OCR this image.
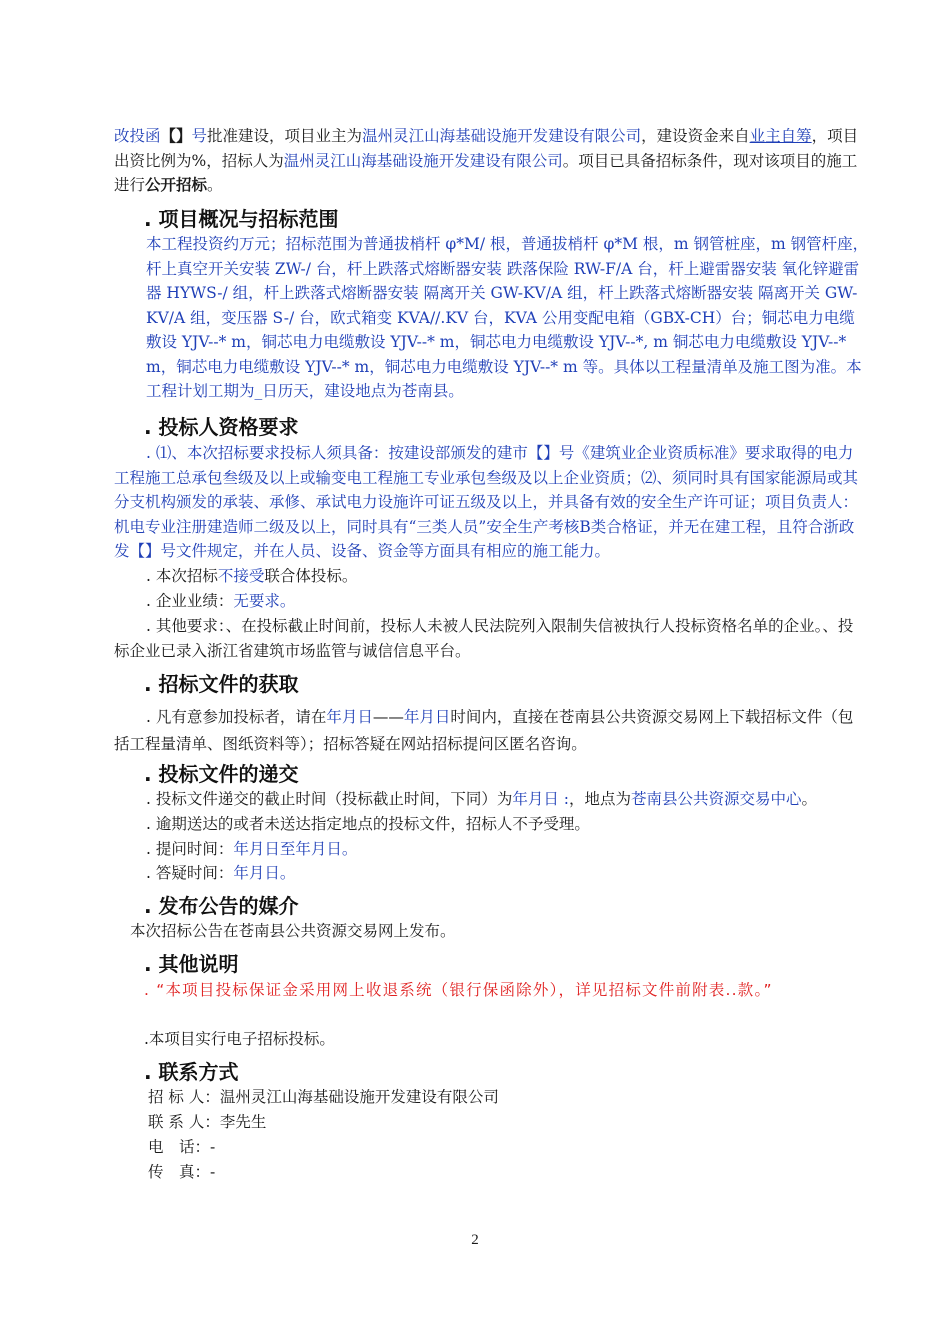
改投函【】号批准建设，项目业主为温州灵江山海基础设施开发建设有限公司，建设资金来自业主自筹，项目出资比例为%，招标人为温州灵江山海基础设施开发建设有限公司。项目已具备招标条件，现对该项目的施工进行公开招标。

. 项目概况与招标范围

本工程投资约万元；招标范围为普通拔梢杆 φ*M/ 根，普通拔梢杆 φ*M 根，m 钢管桩座，m 钢管杆座，杆上真空开关安装 ZW-/ 台，杆上跌落式熔断器安装 跌落保险 RW-F/A 台，杆上避雷器安装 氧化锌避雷器 HYWS-/ 组，杆上跌落式熔断器安装 隔离开关 GW-KV/A 组，杆上跌落式熔断器安装 隔离开关 GW-KV/A 组，变压器 S-/ 台，欧式箱变 KVA//.KV 台，KVA 公用变配电箱（GBX-CH）台；铜芯电力电缆敷设 YJV--* m，铜芯电力电缆敷设 YJV--* m，铜芯电力电缆敷设 YJV--*, m 铜芯电力电缆敷设 YJV--* m，铜芯电力电缆敷设 YJV--* m，铜芯电力电缆敷设 YJV--* m 等。具体以工程量清单及施工图为准。本工程计划工期为_日历天，建设地点为苍南县。

. 投标人资格要求

. ⑴、本次招标要求投标人须具备：按建设部颁发的建市【】号《建筑业企业资质标准》要求取得的电力工程施工总承包叁级及以上或输变电工程施工专业承包叁级及以上企业资质；⑵、须同时具有国家能源局或其分支机构颁发的承装、承修、承试电力设施许可证五级及以上，并具备有效的安全生产许可证；项目负责人：机电专业注册建造师二级及以上，同时具有“三类人员”安全生产考核B类合格证，并无在建工程，且符合浙政发【】号文件规定，并在人员、设备、资金等方面具有相应的施工能力。

. 本次招标不接受联合体投标。

. 企业业绩：无要求。

. 其他要求：、在投标截止时间前，投标人未被人民法院列入限制失信被执行人投标资格名单的企业。、投标企业已录入浙江省建筑市场监管与诚信信息平台。

. 招标文件的获取

. 凡有意参加投标者，请在年月日——年月日时间内，直接在苍南县公共资源交易网上下载招标文件（包括工程量清单、图纸资料等）；招标答疑在网站招标提问区匿名咨询。

. 投标文件的递交
. 投标文件递交的截止时间（投标截止时间，下同）为年月日 :，地点为苍南县公共资源交易中心。
. 逾期送达的或者未送达指定地点的投标文件，招标人不予受理。
. 提问时间：年月日至年月日。
. 答疑时间：年月日。
. 发布公告的媒介
本次招标公告在苍南县公共资源交易网上发布。
. 其他说明

. “本项目投标保证金采用网上收退系统（银行保函除外），详见招标文件前附表..款。”

.本项目实行电子招标投标。
. 联系方式
招 标 人：温州灵江山海基础设施开发建设有限公司
联 系 人：李先生
电　话：-
传　真：-
2
